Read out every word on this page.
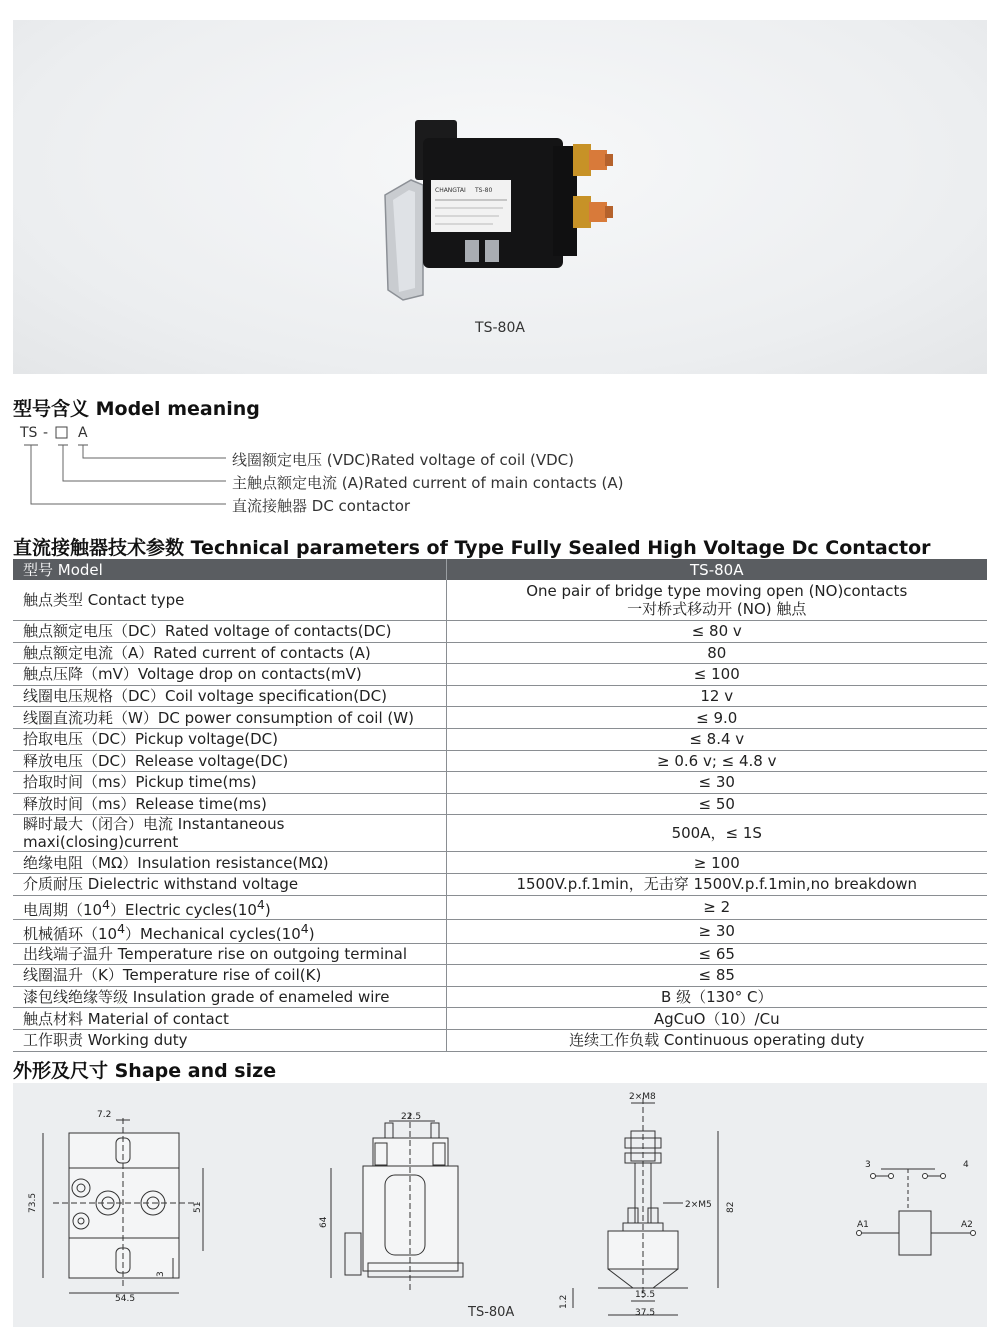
CHANGTAI TS-80
TS-80A
型号含义 Model meaning
TS - A
线圈额定电压 (VDC)Rated voltage of coil (VDC)
主触点额定电流 (A)Rated current of main contacts (A)
直流接触器 DC contactor
直流接触器技术参数 Technical parameters of Type Fully Sealed High Voltage Dc Contactor
型号 Model	TS-80A
触点类型 Contact type	One pair of bridge type moving open (NO)contacts
一对桥式移动开 (NO) 触点

触点额定电压（DC）Rated voltage of contacts(DC)	≤ 80 v
触点额定电流（A）Rated current of contacts (A)	80
触点压降（mV）Voltage drop on contacts(mV)	≤ 100
线圈电压规格（DC）Coil voltage specification(DC)	12 v
线圈直流功耗（W）DC power consumption of coil (W)	≤ 9.0
拾取电压（DC）Pickup voltage(DC)	≤ 8.4 v
释放电压（DC）Release voltage(DC)	≥ 0.6 v; ≤ 4.8 v
拾取时间（ms）Pickup time(ms)	≤ 30
释放时间（ms）Release time(ms)	≤ 50
瞬时最大（闭合）电流 Instantaneous maxi(closing)current	500A，≤ 1S
绝缘电阻（MΩ）Insulation resistance(MΩ)	≥ 100
介质耐压 Dielectric withstand voltage	1500V.p.f.1min，无击穿 1500V.p.f.1min,no breakdown
电周期$(10^4)Electric$ $cycles(10^4)$	≥ 2
机械循环$(10^4)Mechanical$ $cycles(10^4)$	≥ 30
出线端子温升 Temperature rise on outgoing terminal	≤ 65
线圈温升（K）Temperature rise of coil(K)	≤ 85
漆包线绝缘等级 Insulation grade of enameled wire	B 级（130° C）
触点材料 Material of contact	AgCuO（10）/Cu
工作职责 Working duty	连续工作负载 Continuous operating duty
外形及尺寸 Shape and size
7.2
73.5	51
3
54.5
22.5
64
2×M8
2×M5 82
15.5
37.5
1.2
3	4
A1	A2
TS-80A
